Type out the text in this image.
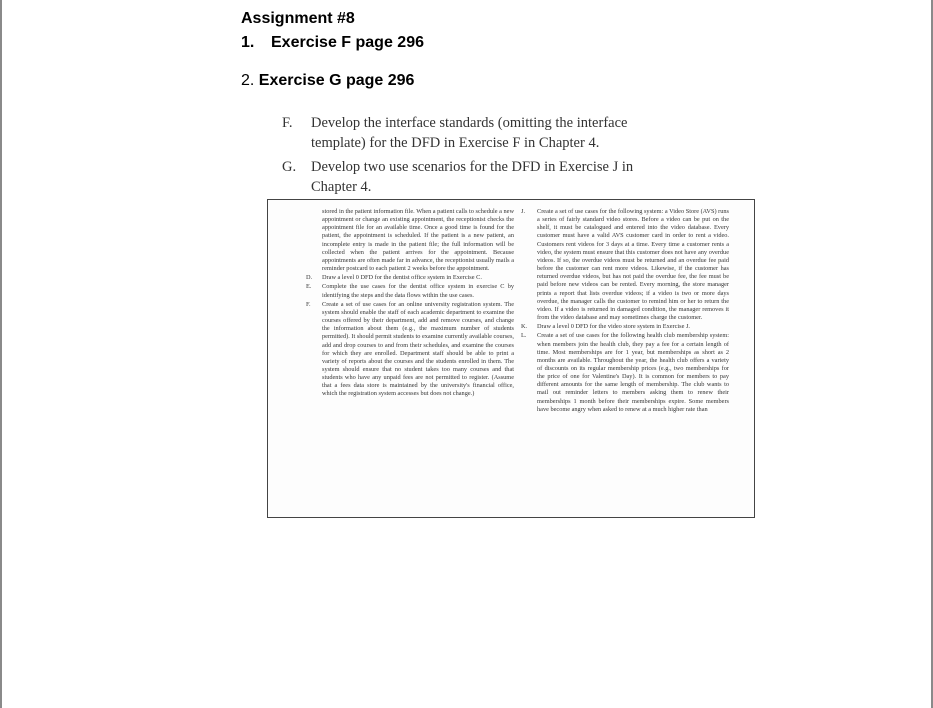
Assignment #8
1. Exercise F page 296
2. Exercise G page 296
F. Develop the interface standards (omitting the interface template) for the DFD in Exercise F in Chapter 4.
G. Develop two use scenarios for the DFD in Exercise J in Chapter 4.

stored in the patient information file. When a patient calls to schedule a new appointment or change an existing appointment, the receptionist checks the appointment file for an available time. Once a good time is found for the patient, the appointment is scheduled. If the patient is a new patient, an incomplete entry is made in the patient file; the full information will be collected when the patient arrives for the appointment. Because appointments are often made far in advance, the receptionist usually mails a reminder postcard to each patient 2 weeks before the appointment.

D. Draw a level 0 DFD for the dentist office system in Exercise C.

E. Complete the use cases for the dentist office system in exercise C by identifying the steps and the data flows within the use cases.

F. Create a set of use cases for an online university registration system. The system should enable the staff of each academic department to examine the courses offered by their department, add and remove courses, and change the information about them (e.g., the maximum number of students permitted). It should permit students to examine currently available courses, add and drop courses to and from their schedules, and examine the courses for which they are enrolled. Department staff should be able to print a variety of reports about the courses and the students enrolled in them. The system should ensure that no student takes too many courses and that students who have any unpaid fees are not permitted to register. (Assume that a fees data store is maintained by the university's financial office, which the registration system accesses but does not change.)

J. Create a set of use cases for the following system: a Video Store (AVS) runs a series of fairly standard video stores. Before a video can be put on the shelf, it must be catalogued and entered into the video database. Every customer must have a valid AVS customer card in order to rent a video. Customers rent videos for 3 days at a time. Every time a customer rents a video, the system must ensure that this customer does not have any overdue videos. If so, the overdue videos must be returned and an overdue fee paid before the customer can rent more videos. Likewise, if the customer has returned overdue videos, but has not paid the overdue fee, the fee must be paid before new videos can be rented. Every morning, the store manager prints a report that lists overdue videos; if a video is two or more days overdue, the manager calls the customer to remind him or her to return the video. If a video is returned in damaged condition, the manager removes it from the video database and may sometimes charge the customer.

K. Draw a level 0 DFD for the video store system in Exercise J.

L. Create a set of use cases for the following health club membership system: when members join the health club, they pay a fee for a certain length of time. Most memberships are for 1 year, but memberships as short as 2 months are available. Throughout the year, the health club offers a variety of discounts on its regular membership prices (e.g., two memberships for the price of one for Valentine's Day). It is common for members to pay different amounts for the same length of membership. The club wants to mail out reminder letters to members asking them to renew their memberships 1 month before their memberships expire. Some members have become angry when asked to renew at a much higher rate than
